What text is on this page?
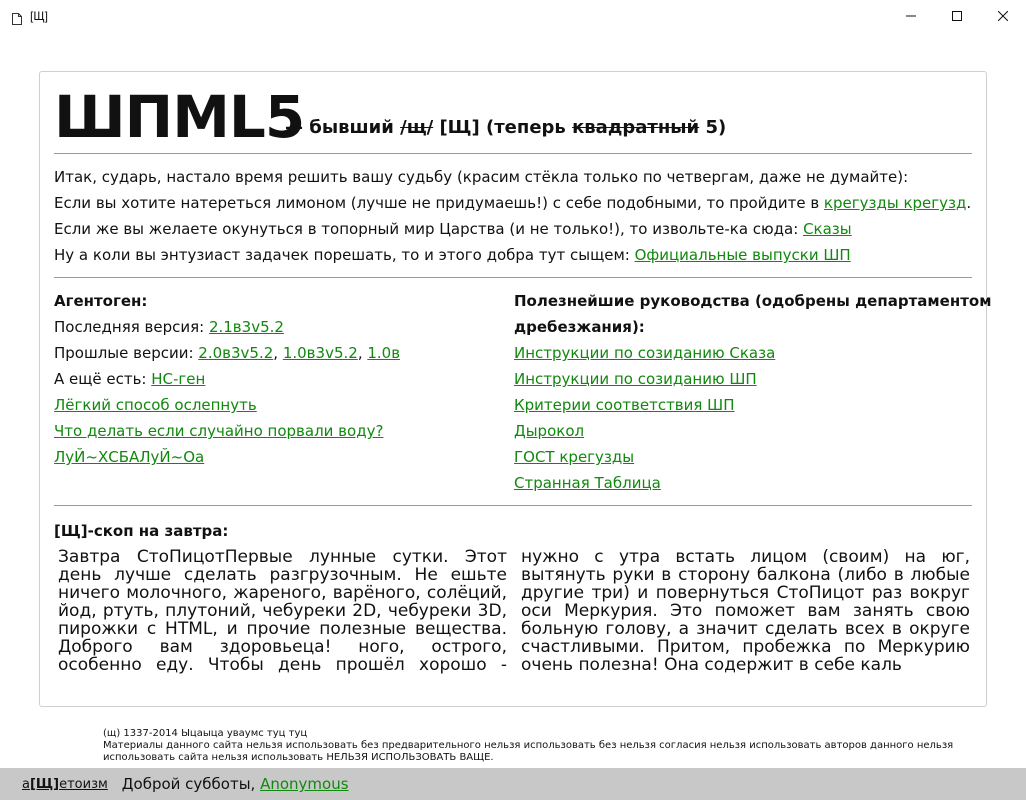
[Щ]
ШПML5
— бывший /щ/ [Щ] (теперь квадратный 5)

Итак, сударь, настало время решить вашу судьбу (красим стёкла только по четвергам, даже не думайте):

Если вы хотите натереться лимоном (лучше не придумаешь!) с себе подобными, то пройдите в крегузды крегузд.

Если же вы желаете окунуться в топорный мир Царства (и не только!), то извольте-ка сюда: Сказы

Ну а коли вы энтузиаст задачек порешать, то и этого добра тут сыщем: Официальные выпуски ШП

Агентоген:
Последняя версия: 2.1в3v5.2
Прошлые версии: 2.0в3v5.2, 1.0в3v5.2, 1.0в
А ещё есть: НС-ген
Лёгкий способ ослепнуть
Что делать если случайно порвали воду?
ЛуЙ~ХСБАЛуЙ~Оа
Полезнейшие руководства (одобрены департаментом
дребезжания):
Инструкции по созиданию Сказа
Инструкции по созиданию ШП
Критерии соответствия ШП
Дырокол
ГОСТ крегузды
Странная Таблица
[Щ]-скоп на завтра:
Завтра СтоПицотПервые лунные сутки. Этот день лучше сделать разгрузочным. Не ешьте ничего молочного, жареного, варёного, солёций, йод, ртуть, плутоний, чебуреки 2D, чебуреки 3D, пирожки с HTML, и прочие полезные вещества. Доброго вам здоровьеца! ного, острого, особенно еду. Чтобы день прошёл хорошо - нужно с утра встать лицом (своим) на юг, вытянуть руки в сторону балкона (либо в любые другие три) и повернуться СтоПицот раз вокруг оси Меркурия. Это поможет вам занять свою больную голову, а значит сделать всех в округе счастливыми. Притом, пробежка по Меркурию очень полезна! Она содержит в себе каль
(щ) 1337-2014 Ыцаыца уваумс туц туц
Материалы данного сайта нельзя использовать без предварительного нельзя использовать без нельзя согласия нельзя использовать авторов данного нельзя использовать сайта нельзя использовать НЕЛЬЗЯ ИСПОЛЬЗОВАТЬ ВАЩЕ.
а[Щ]етоизм Доброй субботы, Anonymous
